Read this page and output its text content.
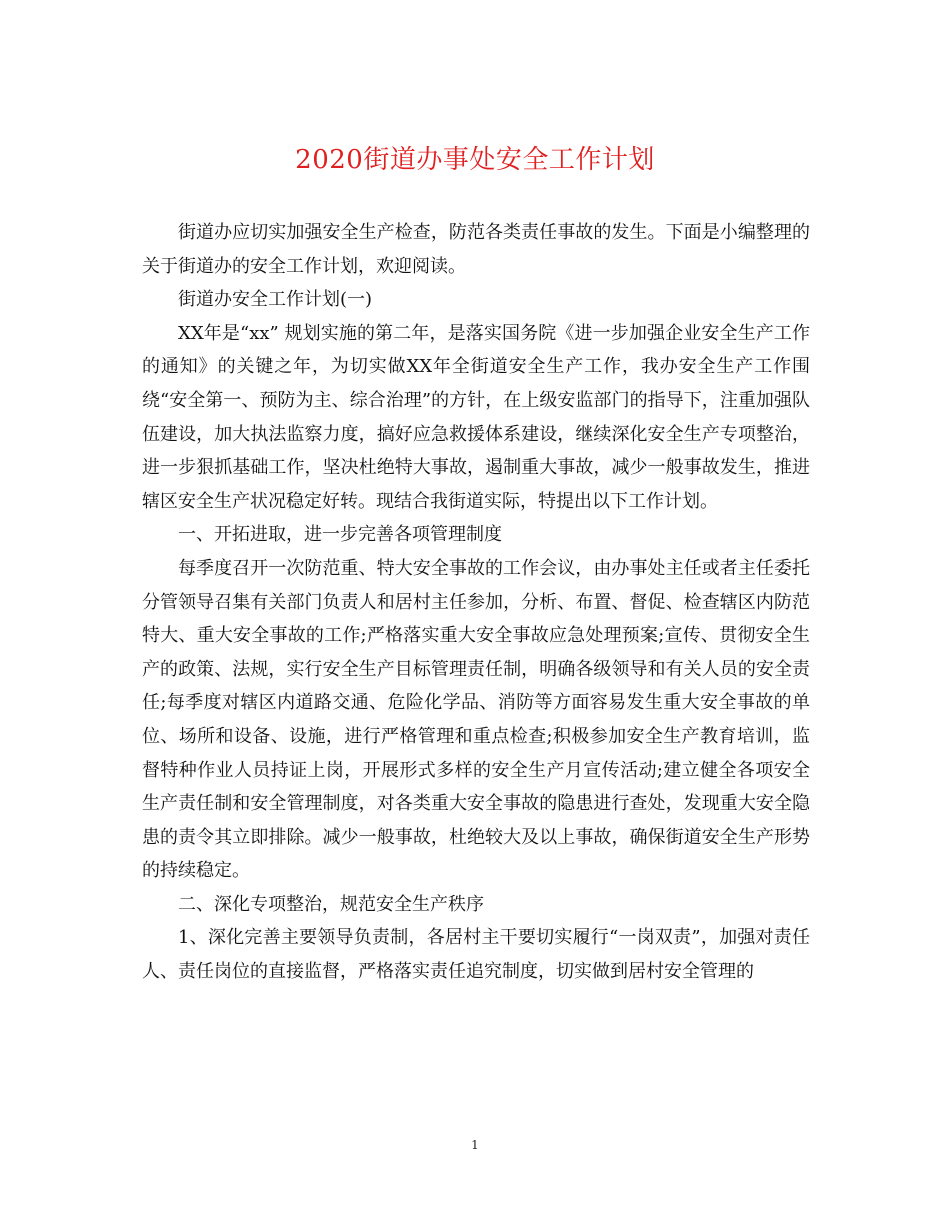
2020街道办事处安全工作计划

街道办应切实加强安全生产检查，防范各类责任事故的发生。下面是小编整理的关于街道办的安全工作计划，欢迎阅读。

街道办安全工作计划(一)

XX年是“xx” 规划实施的第二年，是落实国务院《进一步加强企业安全生产工作的通知》的关键之年，为切实做XX年全街道安全生产工作，我办安全生产工作围绕“安全第一、预防为主、综合治理”的方针，在上级安监部门的指导下，注重加强队伍建设，加大执法监察力度，搞好应急救援体系建设，继续深化安全生产专项整治，进一步狠抓基础工作，坚决杜绝特大事故，遏制重大事故，减少一般事故发生，推进辖区安全生产状况稳定好转。现结合我街道实际，特提出以下工作计划。

一、开拓进取，进一步完善各项管理制度

每季度召开一次防范重、特大安全事故的工作会议，由办事处主任或者主任委托分管领导召集有关部门负责人和居村主任参加，分析、布置、督促、检查辖区内防范特大、重大安全事故的工作;严格落实重大安全事故应急处理预案;宣传、贯彻安全生产的政策、法规，实行安全生产目标管理责任制，明确各级领导和有关人员的安全责任;每季度对辖区内道路交通、危险化学品、消防等方面容易发生重大安全事故的单位、场所和设备、设施，进行严格管理和重点检查;积极参加安全生产教育培训，监督特种作业人员持证上岗，开展形式多样的安全生产月宣传活动;建立健全各项安全生产责任制和安全管理制度，对各类重大安全事故的隐患进行查处，发现重大安全隐患的责令其立即排除。减少一般事故，杜绝较大及以上事故，确保街道安全生产形势的持续稳定。

二、深化专项整治，规范安全生产秩序

1、深化完善主要领导负责制，各居村主干要切实履行“一岗双责”，加强对责任人、责任岗位的直接监督，严格落实责任追究制度，切实做到居村安全管理的

1
